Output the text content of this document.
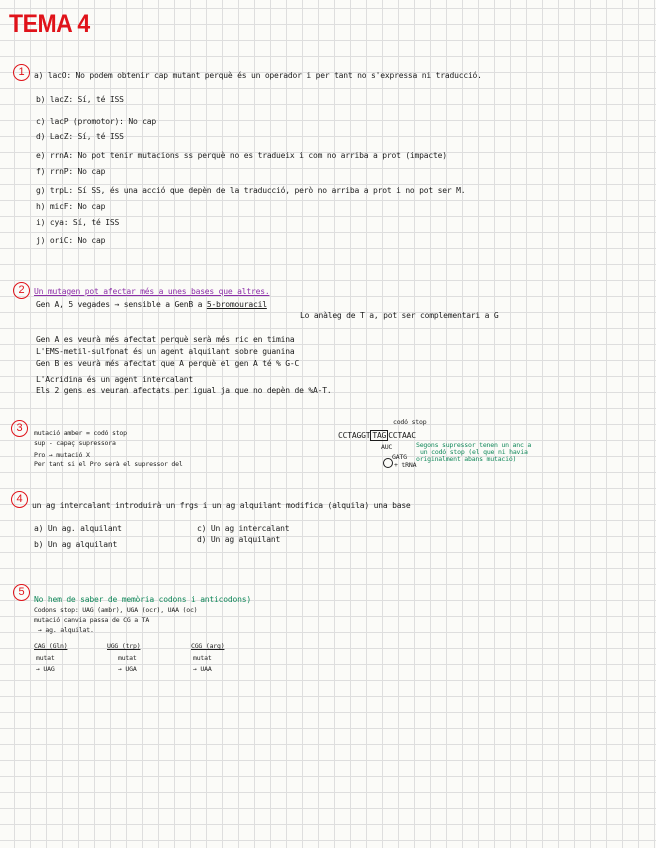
TEMA 4
1	a) lacO: No podem obtenir cap mutant perquè és un operador i per tant no s'expressa ni traducció.
b) lacZ: Sí, té ISS
c) lacP (promotor): No cap
d) LacZ: Sí, té ISS
e) rrnA: No pot tenir mutacions ss perquè no es tradueix i com no arriba a prot (impacte)
f) rrnP: No cap
g) trpL: Sí SS, és una acció que depèn de la traducció, però no arriba a prot i no pot ser M.
h) micF: No cap
i) cya: Sí, té ISS
j) oriC: No cap
2	Un mutagen pot afectar més a unes bases que altres.
Gen A, 5 vegades → sensible a GenB a 5-bromouracil
Lo anàleg de T a, pot ser complementari a G
Gen A es veurà més afectat perquè serà més ric en timina
L'EMS-metil-sulfonat és un agent alquilant sobre guanina
Gen B es veurà més afectat que A perquè el gen A té % G-C
L'Acridina és un agent intercalant
Els 2 gens es veuran afectats per igual ja que no depèn de %A-T.
3	mutació amber = codó stop
sup - capaç supressora
Pro → mutació X
Per tant si el Pro serà el supressor del
codó stop
CCTAGGT TAG CCTAAC
AUC
GATG
+ tRNA
Segons supressor tenen un anc a
un codó stop (el que ni havia
originalment abans mutació)
4
un ag intercalant introduirà un frgs i un ag alquilant modifica (alquila) una base
a) Un ag. alquilant
b) Un ag alquilant
c) Un ag intercalant
d) Un ag alquilant
5
No hem de saber de memòria codons i anticodons)
Codons stop: UAG (ambr), UGA (ocr), UAA (oc)
mutació canvia passa de CG a TA
→ ag. alquilat.
CAG (Gln)
mutat
→ UAG
UGG (trp)
mutat
→ UGA
CGG (arg)
mutat
→ UAA
